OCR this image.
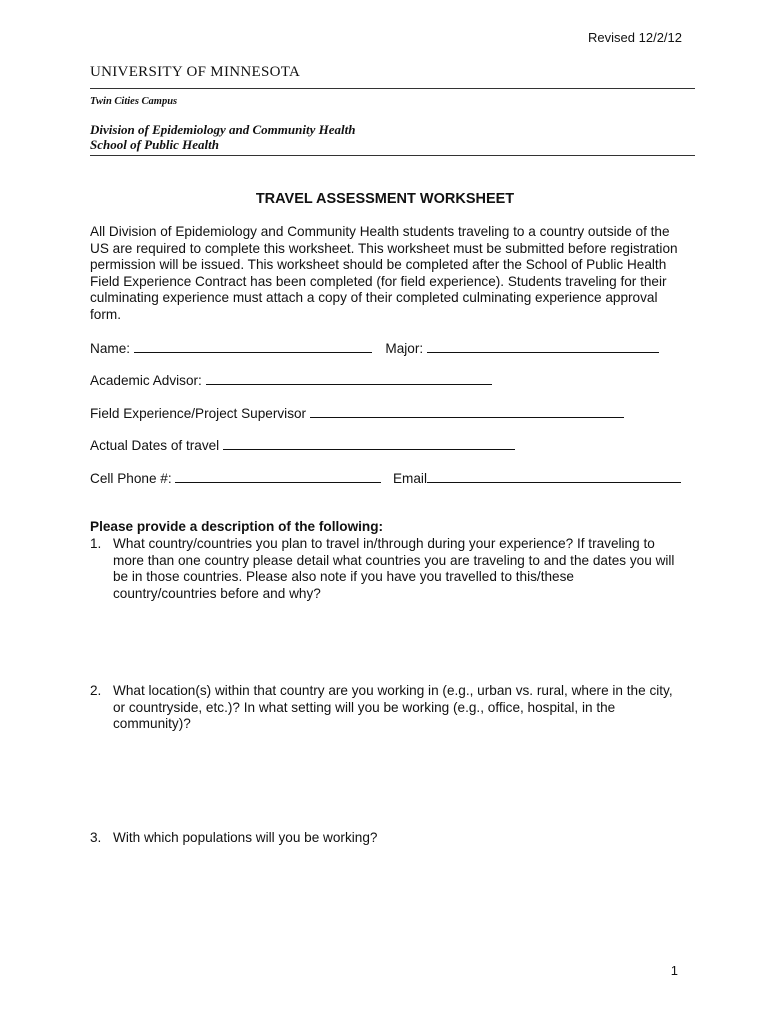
Revised 12/2/12
UNIVERSITY OF MINNESOTA
Twin Cities Campus
Division of Epidemiology and Community Health
School of Public Health
TRAVEL ASSESSMENT WORKSHEET
All Division of Epidemiology and Community Health students traveling to a country outside of the US are required to complete this worksheet. This worksheet must be submitted before registration permission will be issued. This worksheet should be completed after the School of Public Health Field Experience Contract has been completed (for field experience). Students traveling for their culminating experience must attach a copy of their completed culminating experience approval form.
Name:	Major:
Academic Advisor:
Field Experience/Project Supervisor
Actual Dates of travel
Cell Phone #:	Email
Please provide a description of the following:
1. What country/countries you plan to travel in/through during your experience? If traveling to more than one country please detail what countries you are traveling to and the dates you will be in those countries. Please also note if you have you travelled to this/these country/countries before and why?
2. What location(s) within that country are you working in (e.g., urban vs. rural, where in the city, or countryside, etc.)? In what setting will you be working (e.g., office, hospital, in the community)?
3. With which populations will you be working?
1
